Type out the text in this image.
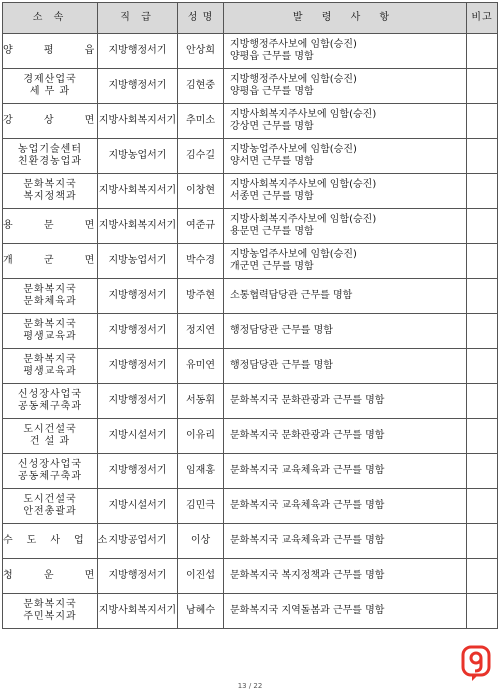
소 속	직 급	성 명	발 령 사 항	비고

양 평 읍	지방행정서기	안상희	지방행정주사보에 임함(승진)
양평읍 근무를 명함	

경제산업국
세 무 과	지방행정서기	김현중	지방행정주사보에 임함(승진)
양평읍 근무를 명함	

강 상 면	지방사회복지서기	추미소	지방사회복지주사보에 임함(승진)
강상면 근무를 명함	

농업기술센터
친환경농업과	지방농업서기	김수길	지방농업주사보에 임함(승진)
양서면 근무를 명함	

문화복지국
복지정책과	지방사회복지서기	이창현	지방사회복지주사보에 임함(승진)
서종면 근무를 명함	

용 문 면	지방사회복지서기	여준규	지방사회복지주사보에 임함(승진)
용문면 근무를 명함	

개 군 면	지방농업서기	박수경	지방농업주사보에 임함(승진)
개군면 근무를 명함	

문화복지국
문화체육과	지방행정서기	방주현	소통협력담당관 근무를 명함	

문화복지국
평생교육과	지방행정서기	정지연	행정담당관 근무를 명함	

문화복지국
평생교육과	지방행정서기	유미연	행정담당관 근무를 명함	

신성장사업국
공동체구축과	지방행정서기	서동휘	문화복지국 문화관광과 근무를 명함	

도시건설국
건 설 과	지방시설서기	이유리	문화복지국 문화관광과 근무를 명함	

신성장사업국
공동체구축과	지방행정서기	임재홍	문화복지국 교육체육과 근무를 명함	

도시건설국
안전총괄과	지방시설서기	김민극	문화복지국 교육체육과 근무를 명함	

수도사업소	지방공업서기	이상	문화복지국 교육체육과 근무를 명함	

청 운 면	지방행정서기	이진섭	문화복지국 복지정책과 근무를 명함	

문화복지국
주민복지과	지방사회복지서기	남혜수	문화복지국 지역돌봄과 근무를 명함	

13 / 22
